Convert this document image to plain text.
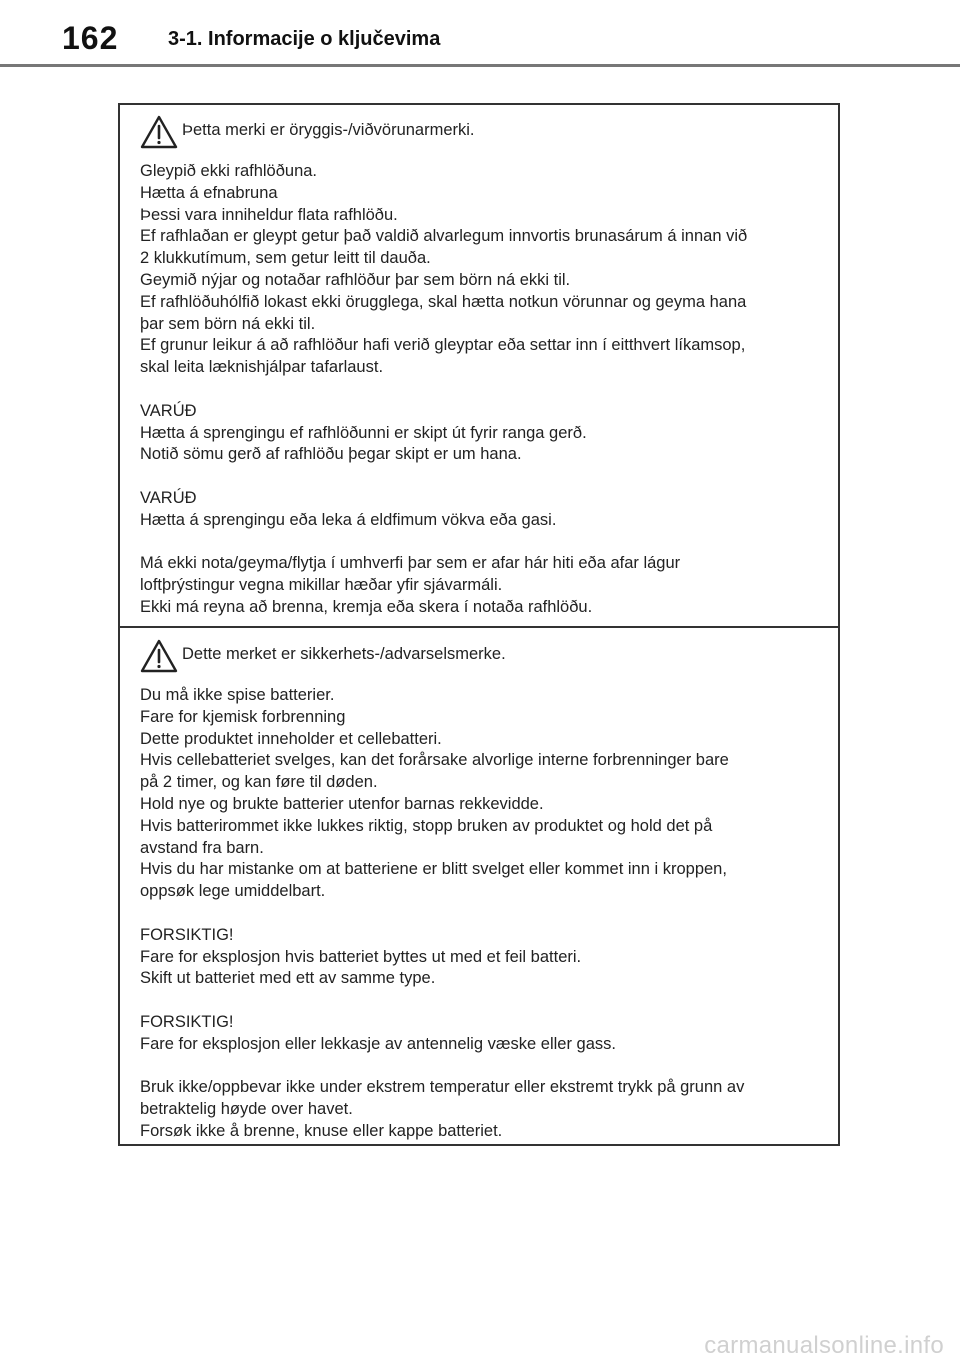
162 3-1. Informacije o ključevima
Þetta merki er öryggis-/viðvörunarmerki.

Gleypið ekki rafhlöðuna.
Hætta á efnabruna
Þessi vara inniheldur flata rafhlöðu.
Ef rafhlaðan er gleypt getur það valdið alvarlegum innvortis brunasárum á innan við
2 klukkutímum, sem getur leitt til dauða.
Geymið nýjar og notaðar rafhlöður þar sem börn ná ekki til.
Ef rafhlöðuhólfið lokast ekki örugglega, skal hætta notkun vörunnar og geyma hana
þar sem börn ná ekki til.
Ef grunur leikur á að rafhlöður hafi verið gleyptar eða settar inn í eitthvert líkamsop,
skal leita læknishjálpar tafarlaust.

VARÚÐ
Hætta á sprengingu ef rafhlöðunni er skipt út fyrir ranga gerð.
Notið sömu gerð af rafhlöðu þegar skipt er um hana.

VARÚÐ
Hætta á sprengingu eða leka á eldfimum vökva eða gasi.

Má ekki nota/geyma/flytja í umhverfi þar sem er afar hár hiti eða afar lágur
loftþrýstingur vegna mikillar hæðar yfir sjávarmáli.
Ekki má reyna að brenna, kremja eða skera í notaða rafhlöðu.

Dette merket er sikkerhets-/advarselsmerke.

Du må ikke spise batterier.
Fare for kjemisk forbrenning
Dette produktet inneholder et cellebatteri.
Hvis cellebatteriet svelges, kan det forårsake alvorlige interne forbrenninger bare
på 2 timer, og kan føre til døden.
Hold nye og brukte batterier utenfor barnas rekkevidde.
Hvis batterirommet ikke lukkes riktig, stopp bruken av produktet og hold det på
avstand fra barn.
Hvis du har mistanke om at batteriene er blitt svelget eller kommet inn i kroppen,
oppsøk lege umiddelbart.

FORSIKTIG!
Fare for eksplosjon hvis batteriet byttes ut med et feil batteri.
Skift ut batteriet med ett av samme type.

FORSIKTIG!
Fare for eksplosjon eller lekkasje av antennelig væske eller gass.

Bruk ikke/oppbevar ikke under ekstrem temperatur eller ekstremt trykk på grunn av
betraktelig høyde over havet.
Forsøk ikke å brenne, knuse eller kappe batteriet.

carmanualsonline.info
